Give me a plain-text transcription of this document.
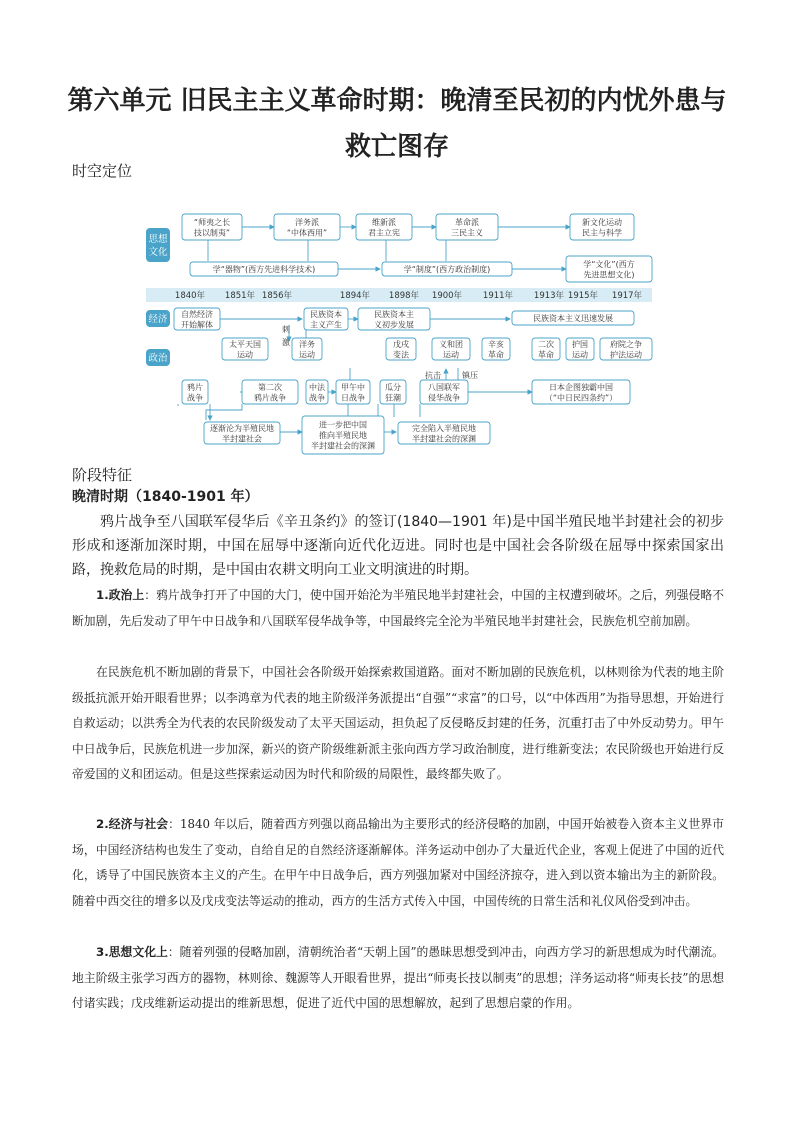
第六单元 旧民主主义革命时期：晚清至民初的内忧外患与救亡图存

时空定位

思想
文化
经济
政治
“师夷之长
技以制夷”
洋务派
“中体西用”
维新派
君主立宪
革命派
三民主义
新文化运动
民主与科学
学“器物”(西方先进科学技术)	学“制度”(西方政治制度)
学“文化”(西方
先进思想文化)
1840年 1851年 1856年	1894年 1898年 1900年 1911年 1913年 1915年 1917年
自然经济
开始解体
民族资本
主义产生
民族资本主
义初步发展
民族资本主义迅速发展
刺
激
太平天国
运动
洋务
运动
戊戌
变法
义和团
运动
辛亥
革命
二次
革命
护国
运动
府院之争
护法运动
抗击	镇压
鸦片
战争
第二次
鸦片战争
中法
战争
甲午中
日战争
瓜分
狂潮
八国联军
侵华战争
日本企图独霸中国
（“中日民四条约”）
逐渐沦为半殖民地
半封建社会
进一步把中国
推向半殖民地
半封建社会的深渊
完全陷入半殖民地
半封建社会的深渊

阶段特征

晚清时期（1840-1901 年）

鸦片战争至八国联军侵华后《辛丑条约》的签订(1840—1901 年)是中国半殖民地半封建社会的初步形成和逐渐加深时期，中国在屈辱中逐渐向近代化迈进。同时也是中国社会各阶级在屈辱中探索国家出路，挽救危局的时期，是中国由农耕文明向工业文明演进的时期。

1.政治上：鸦片战争打开了中国的大门，使中国开始沦为半殖民地半封建社会，中国的主权遭到破坏。之后，列强侵略不断加剧，先后发动了甲午中日战争和八国联军侵华战争等，中国最终完全沦为半殖民地半封建社会，民族危机空前加剧。

在民族危机不断加剧的背景下，中国社会各阶级开始探索救国道路。面对不断加剧的民族危机，以林则徐为代表的地主阶级抵抗派开始开眼看世界；以李鸿章为代表的地主阶级洋务派提出“自强”“求富”的口号，以“中体西用”为指导思想，开始进行自救运动；以洪秀全为代表的农民阶级发动了太平天国运动，担负起了反侵略反封建的任务，沉重打击了中外反动势力。甲午中日战争后，民族危机进一步加深，新兴的资产阶级维新派主张向西方学习政治制度，进行维新变法；农民阶级也开始进行反帝爱国的义和团运动。但是这些探索运动因为时代和阶级的局限性，最终都失败了。

2.经济与社会：1840 年以后，随着西方列强以商品输出为主要形式的经济侵略的加剧，中国开始被卷入资本主义世界市场，中国经济结构也发生了变动，自给自足的自然经济逐渐解体。洋务运动中创办了大量近代企业，客观上促进了中国的近代化，诱导了中国民族资本主义的产生。在甲午中日战争后，西方列强加紧对中国经济掠夺，进入到以资本输出为主的新阶段。随着中西交往的增多以及戊戌变法等运动的推动，西方的生活方式传入中国，中国传统的日常生活和礼仪风俗受到冲击。

3.思想文化上：随着列强的侵略加剧，清朝统治者“天朝上国”的愚昧思想受到冲击，向西方学习的新思想成为时代潮流。地主阶级主张学习西方的器物，林则徐、魏源等人开眼看世界，提出“师夷长技以制夷”的思想；洋务运动将“师夷长技”的思想付诸实践；戊戌维新运动提出的维新思想，促进了近代中国的思想解放，起到了思想启蒙的作用。
